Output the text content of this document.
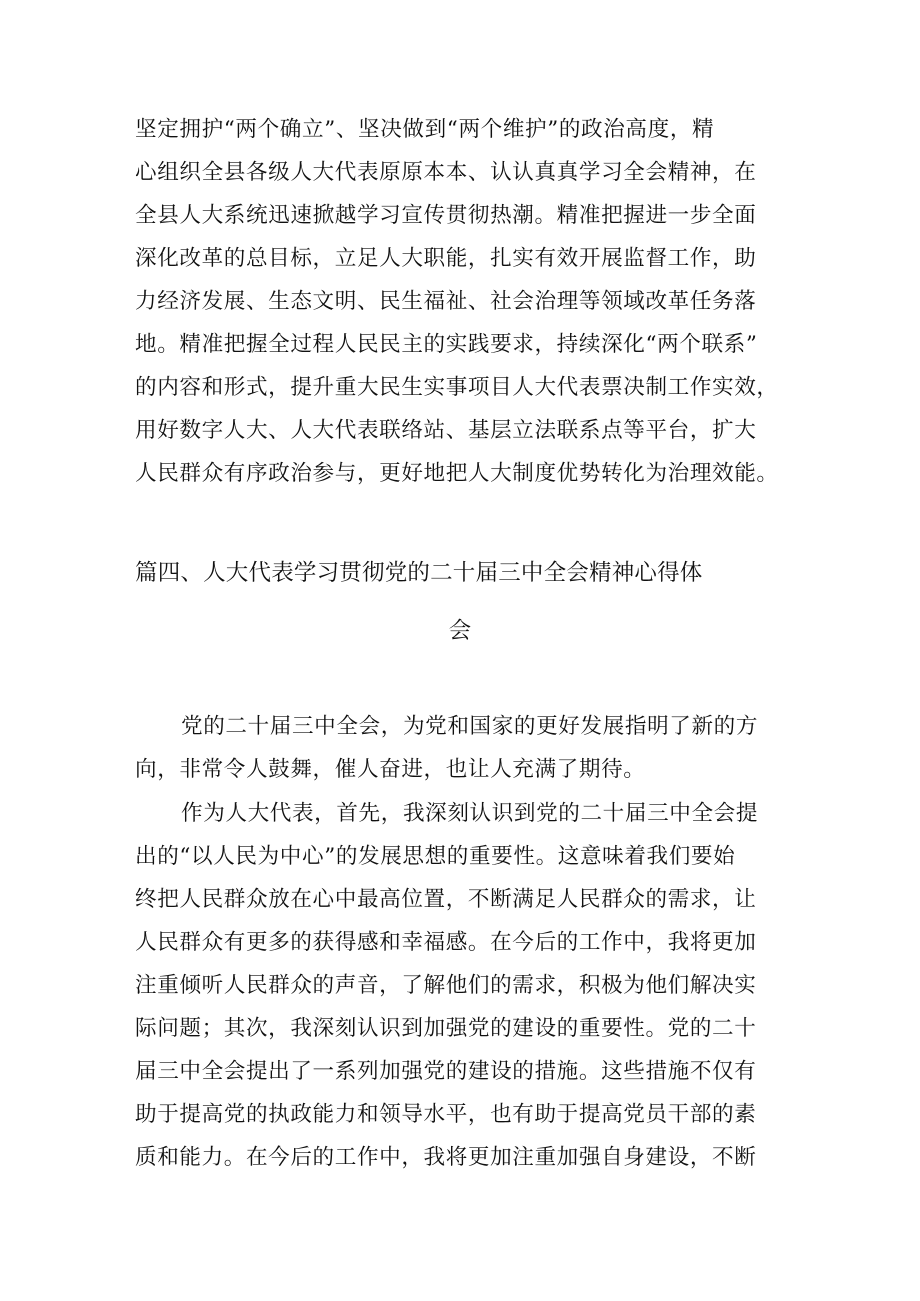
坚定拥护“两个确立”、坚决做到“两个维护”的政治高度，精
心组织全县各级人大代表原原本本、认认真真学习全会精神，在
全县人大系统迅速掀越学习宣传贯彻热潮。精准把握进一步全面
深化改革的总目标，立足人大职能，扎实有效开展监督工作，助
力经济发展、生态文明、民生福祉、社会治理等领域改革任务落
地。精准把握全过程人民民主的实践要求，持续深化“两个联系”
的内容和形式，提升重大民生实事项目人大代表票决制工作实效，
用好数字人大、人大代表联络站、基层立法联系点等平台，扩大
人民群众有序政治参与，更好地把人大制度优势转化为治理效能。
篇四、人大代表学习贯彻党的二十届三中全会精神心得体
会
党的二十届三中全会，为党和国家的更好发展指明了新的方
向，非常令人鼓舞，催人奋进，也让人充满了期待。
作为人大代表，首先，我深刻认识到党的二十届三中全会提
出的“以人民为中心”的发展思想的重要性。这意味着我们要始
终把人民群众放在心中最高位置，不断满足人民群众的需求，让
人民群众有更多的获得感和幸福感。在今后的工作中，我将更加
注重倾听人民群众的声音，了解他们的需求，积极为他们解决实
际问题；其次，我深刻认识到加强党的建设的重要性。党的二十
届三中全会提出了一系列加强党的建设的措施。这些措施不仅有
助于提高党的执政能力和领导水平，也有助于提高党员干部的素
质和能力。在今后的工作中，我将更加注重加强自身建设，不断
